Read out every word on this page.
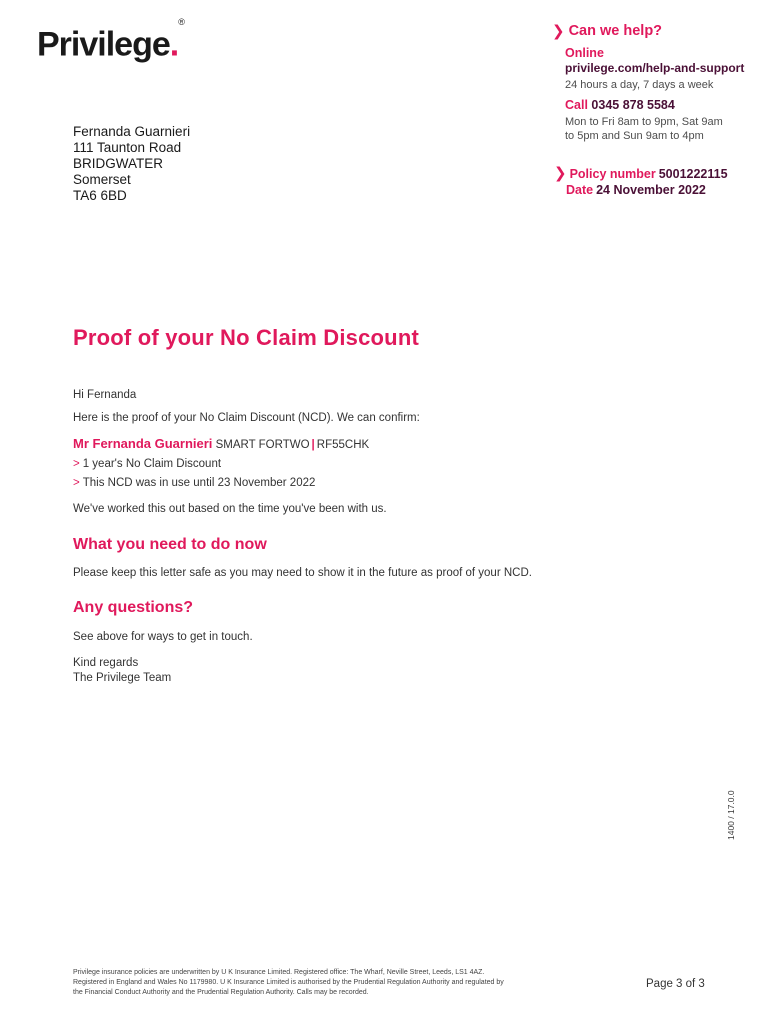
Privilege.®
❯ Can we help?
Online
privilege.com/help-and-support
24 hours a day, 7 days a week
Call 0345 878 5584
Mon to Fri 8am to 9pm, Sat 9am
to 5pm and Sun 9am to 4pm
❯ Policy number 5001222115
Date 24 November 2022
Fernanda Guarnieri
111 Taunton Road
BRIDGWATER
Somerset
TA6 6BD
Proof of your No Claim Discount
Hi Fernanda
Here is the proof of your No Claim Discount (NCD). We can confirm:
Mr Fernanda Guarnieri SMART FORTWO | RF55CHK
> 1 year's No Claim Discount
> This NCD was in use until 23 November 2022
We've worked this out based on the time you've been with us.
What you need to do now
Please keep this letter safe as you may need to show it in the future as proof of your NCD.
Any questions?
See above for ways to get in touch.
Kind regards
The Privilege Team
1400 / 17.0.0
Privilege insurance policies are underwritten by U K Insurance Limited. Registered office: The Wharf, Neville Street, Leeds, LS1 4AZ.
Registered in England and Wales No 1179980. U K Insurance Limited is authorised by the Prudential Regulation Authority and regulated by
the Financial Conduct Authority and the Prudential Regulation Authority. Calls may be recorded.
Page 3 of 3
